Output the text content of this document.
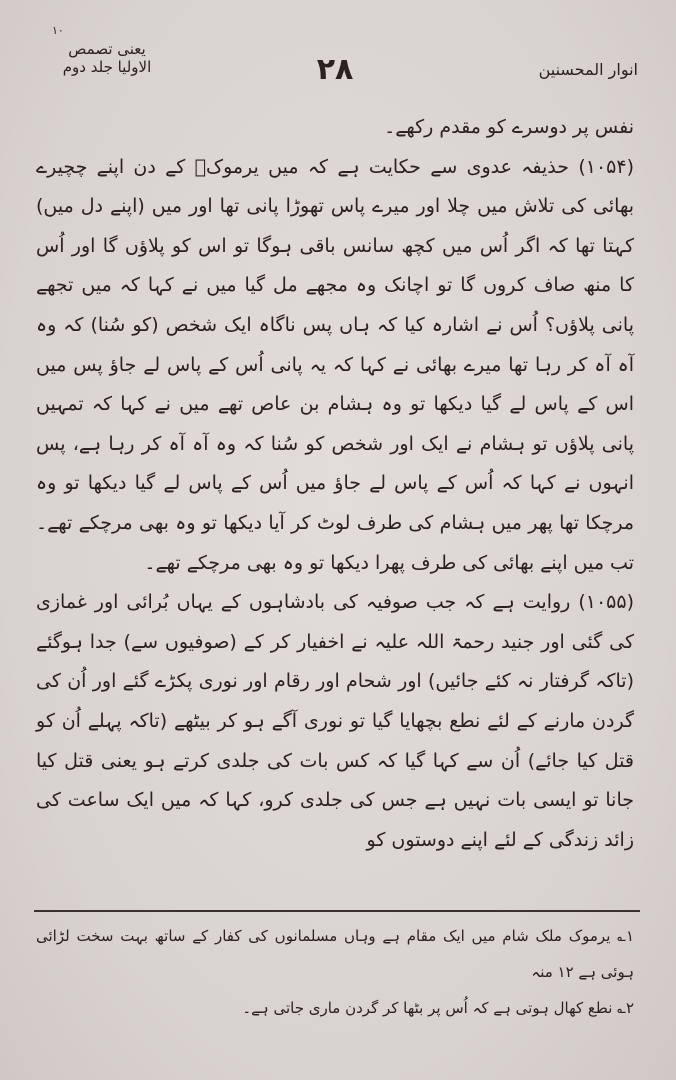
۱۰
یعنی تصمص الاولیا جلد دوم	۲۸	انوار المحسنین

نفس پر دوسرے کو مقدم رکھے۔

(۱۰۵۴) حذیفہ عدوی سے حکایت ہے کہ میں یرموکؔ کے دن اپنے چچیرے بھائی کی تلاش میں چلا اور میرے پاس تھوڑا پانی تھا اور میں (اپنے دل میں) کہتا تھا کہ اگر اُس میں کچھ سانس باقی ہوگا تو اس کو پلاؤں گا اور اُس کا منھ صاف کروں گا تو اچانک وہ مجھے مل گیا میں نے کہا کہ میں تجھے پانی پلاؤں؟ اُس نے اشارہ کیا کہ ہاں پس ناگاہ ایک شخص (کو سُنا) کہ وہ آہ آہ کر رہا تھا میرے بھائی نے کہا کہ یہ پانی اُس کے پاس لے جاؤ پس میں اس کے پاس لے گیا دیکھا تو وہ ہشام بن عاص تھے میں نے کہا کہ تمہیں پانی پلاؤں تو ہشام نے ایک اور شخص کو سُنا کہ وہ آہ آہ کر رہا ہے، پس انہوں نے کہا کہ اُس کے پاس لے جاؤ میں اُس کے پاس لے گیا دیکھا تو وہ مرچکا تھا پھر میں ہشام کی طرف لوٹ کر آیا دیکھا تو وہ بھی مرچکے تھے۔ تب میں اپنے بھائی کی طرف پھرا دیکھا تو وہ بھی مرچکے تھے۔

(۱۰۵۵) روایت ہے کہ جب صوفیہ کی بادشاہوں کے یہاں بُرائی اور غمازی کی گئی اور جنید رحمۃ اللہ علیہ نے اخفیار کر کے (صوفیوں سے) جدا ہوگئے (تاکہ گرفتار نہ کئے جائیں) اور شحام اور رقام اور نوری پکڑے گئے اور اُن کی گردن مارنے کے لئے نطع بچھایا گیا تو نوری آگے ہو کر بیٹھے (تاکہ پہلے اُن کو قتل کیا جائے) اُن سے کہا گیا کہ کس بات کی جلدی کرتے ہو یعنی قتل کیا جانا تو ایسی بات نہیں ہے جس کی جلدی کرو، کہا کہ میں ایک ساعت کی زائد زندگی کے لئے اپنے دوستوں کو

۱؎ یرموک ملک شام میں ایک مقام ہے وہاں مسلمانوں کی کفار کے ساتھ بہت سخت لڑائی ہوئی ہے ۱۲ منہ

۲؎ نطع کھال ہوتی ہے کہ اُس پر بٹھا کر گردن ماری جاتی ہے۔
